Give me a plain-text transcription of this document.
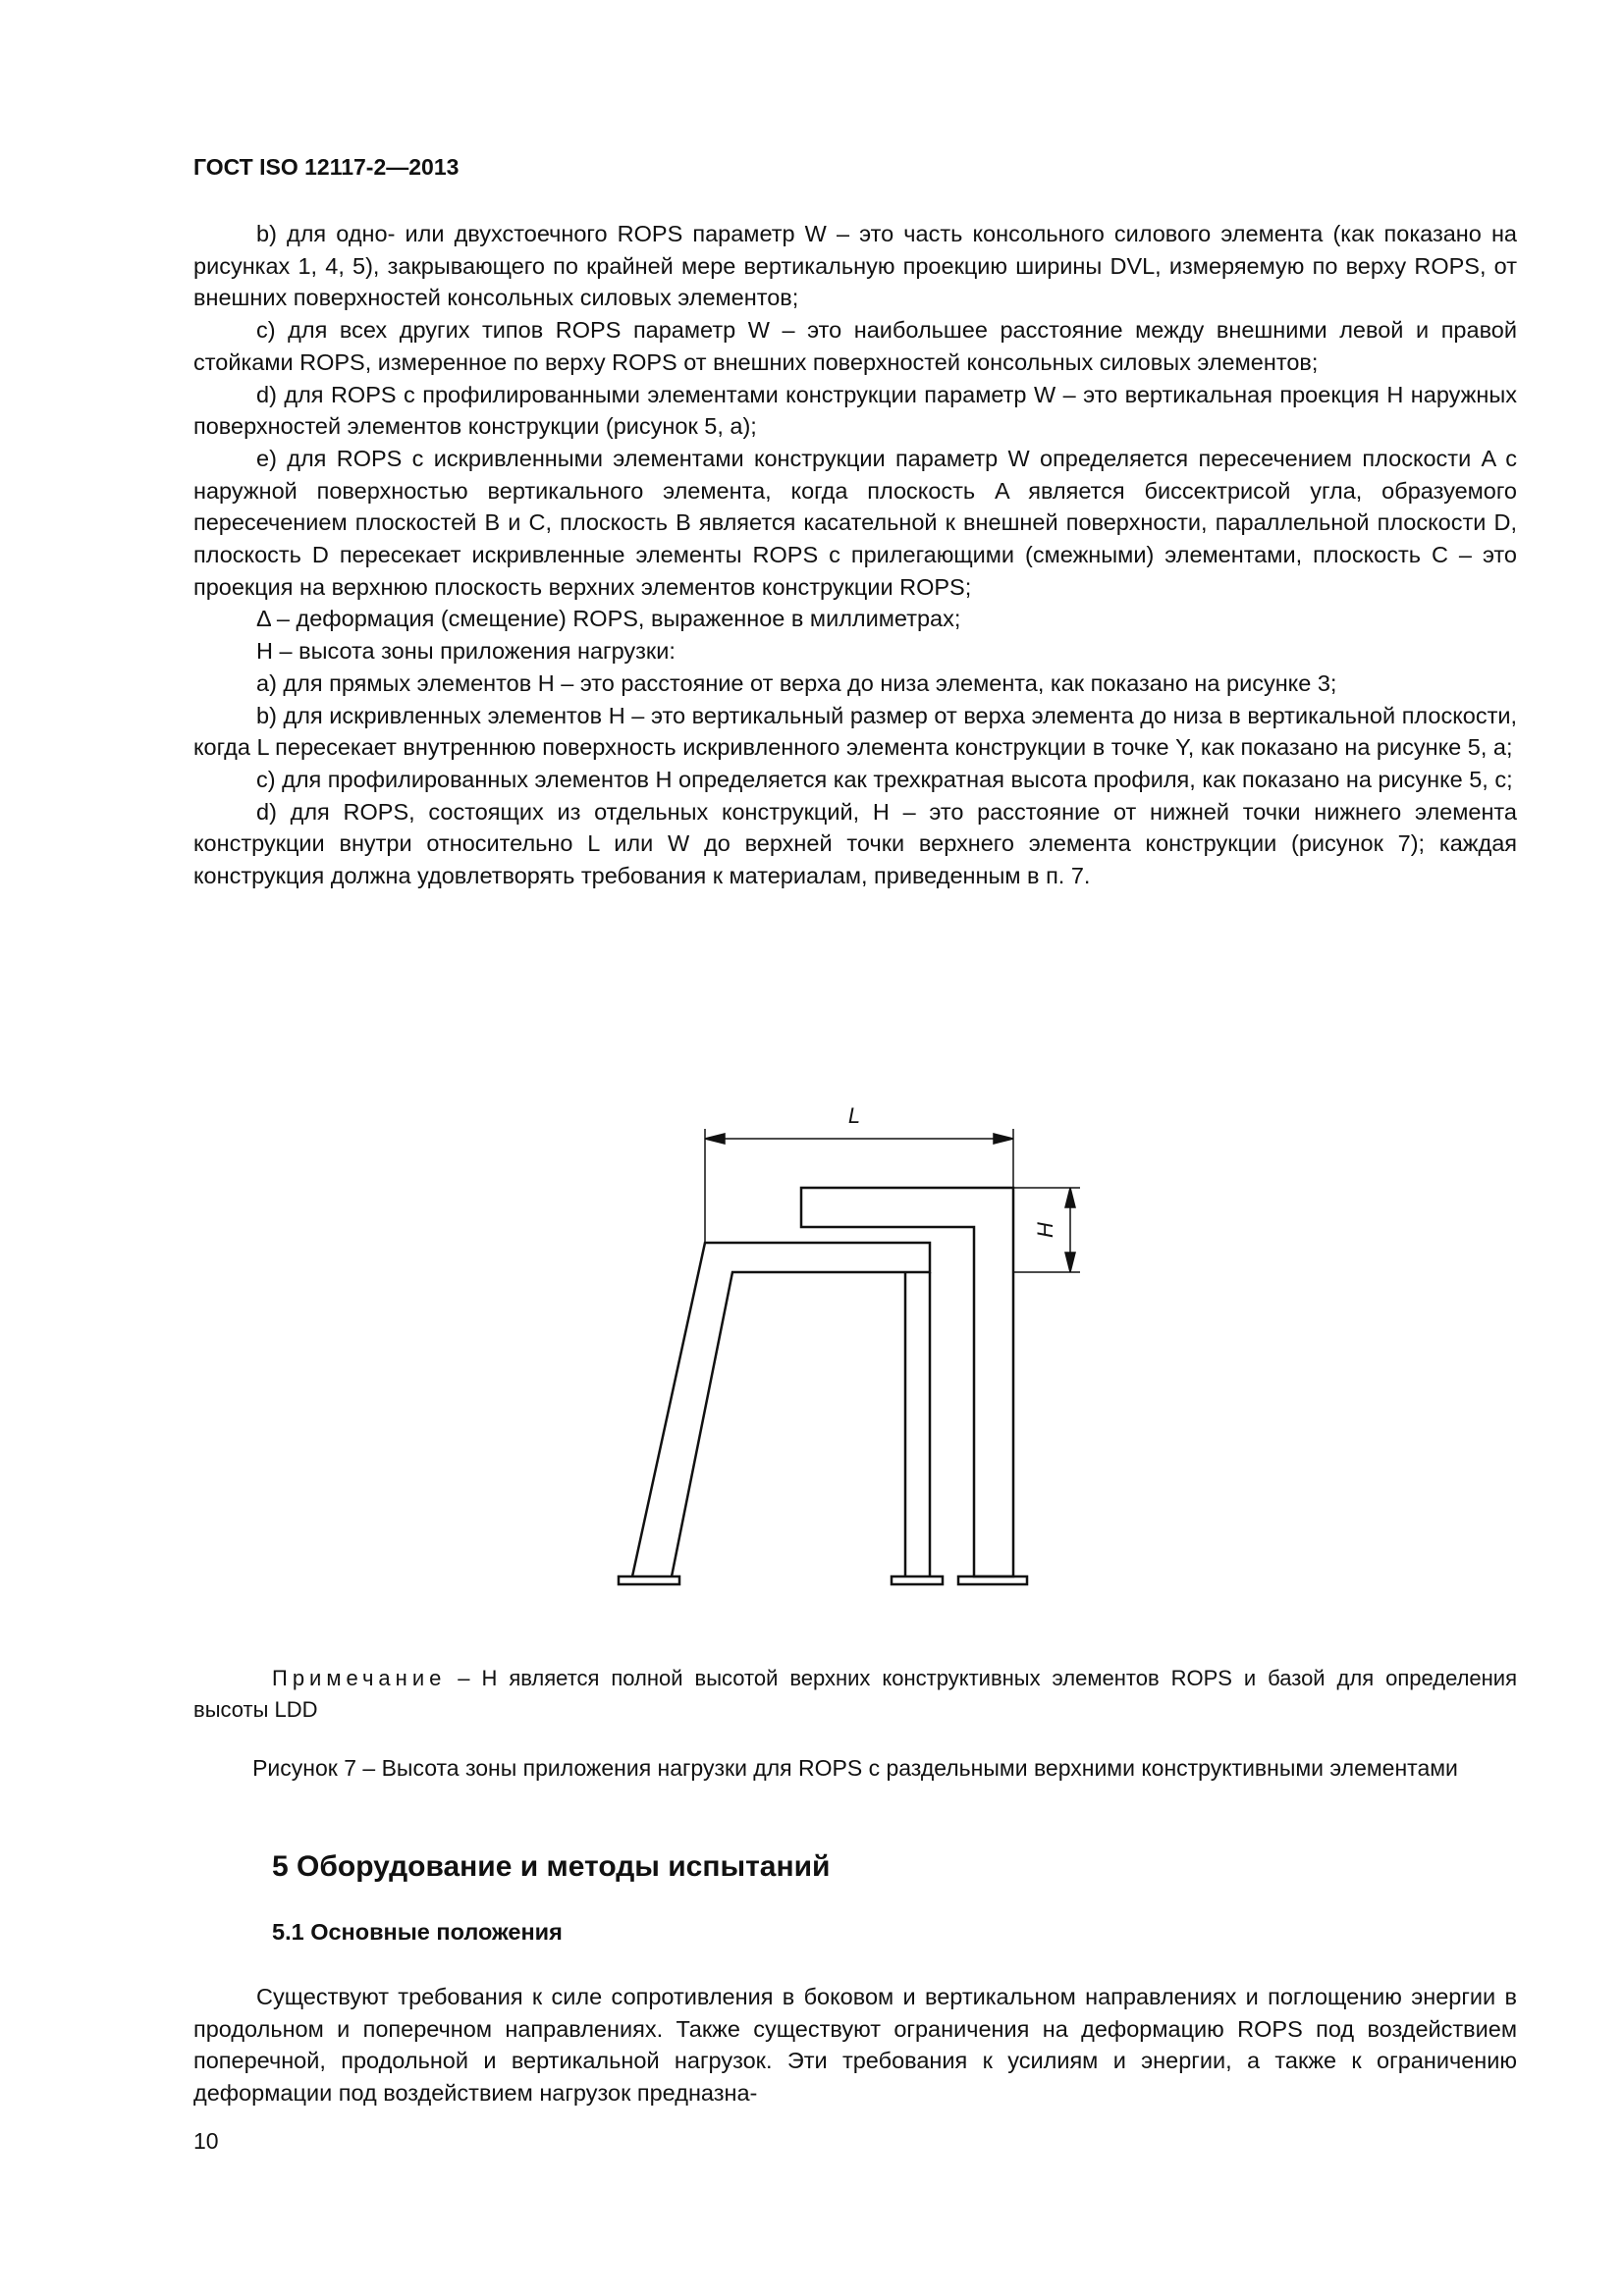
ГОСТ ISO 12117-2—2013

b) для одно- или двухстоечного ROPS параметр W – это часть консольного силового элемента (как показано на рисунках 1, 4, 5), закрывающего по крайней мере вертикальную проекцию ширины DVL, измеряемую по верху ROPS, от внешних поверхностей консольных силовых элементов;

c) для всех других типов ROPS параметр W – это наибольшее расстояние между внешними левой и правой стойками ROPS, измеренное по верху ROPS от внешних поверхностей консольных силовых элементов;

d) для ROPS с профилированными элементами конструкции параметр W – это вертикальная проекция H наружных поверхностей элементов конструкции (рисунок 5, a);

e) для ROPS с искривленными элементами конструкции параметр W определяется пересечением плоскости A с наружной поверхностью вертикального элемента, когда плоскость A является биссектрисой угла, образуемого пересечением плоскостей B и C, плоскость B является касательной к внешней поверхности, параллельной плоскости D, плоскость D пересекает искривленные элементы ROPS с прилегающими (смежными) элементами, плоскость C – это проекция на верхнюю плоскость верхних элементов конструкции ROPS;

Δ – деформация (смещение) ROPS, выраженное в миллиметрах;

H – высота зоны приложения нагрузки:

a) для прямых элементов H – это расстояние от верха до низа элемента, как показано на рисунке 3;

b) для искривленных элементов H – это вертикальный размер от верха элемента до низа в вертикальной плоскости, когда L пересекает внутреннюю поверхность искривленного элемента конструкции в точке Y, как показано на рисунке 5, a;

c) для профилированных элементов H определяется как трехкратная высота профиля, как показано на рисунке 5, c;

d) для ROPS, состоящих из отдельных конструкций, H – это расстояние от нижней точки нижнего элемента конструкции внутри относительно L или W до верхней точки верхнего элемента конструкции (рисунок 7); каждая конструкция должна удовлетворять требования к материалам, приведенным в п. 7.

L
H
Примечание – H является полной высотой верхних конструктивных элементов ROPS и базой для определения высоты LDD
Рисунок 7 – Высота зоны приложения нагрузки для ROPS с раздельными верхними конструктивными элементами
5 Оборудование и методы испытаний
5.1 Основные положения

Существуют требования к силе сопротивления в боковом и вертикальном направлениях и поглощению энергии в продольном и поперечном направлениях. Также существуют ограничения на деформацию ROPS под воздействием поперечной, продольной и вертикальной нагрузок. Эти требования к усилиям и энергии, а также к ограничению деформации под воздействием нагрузок предназна-

10
